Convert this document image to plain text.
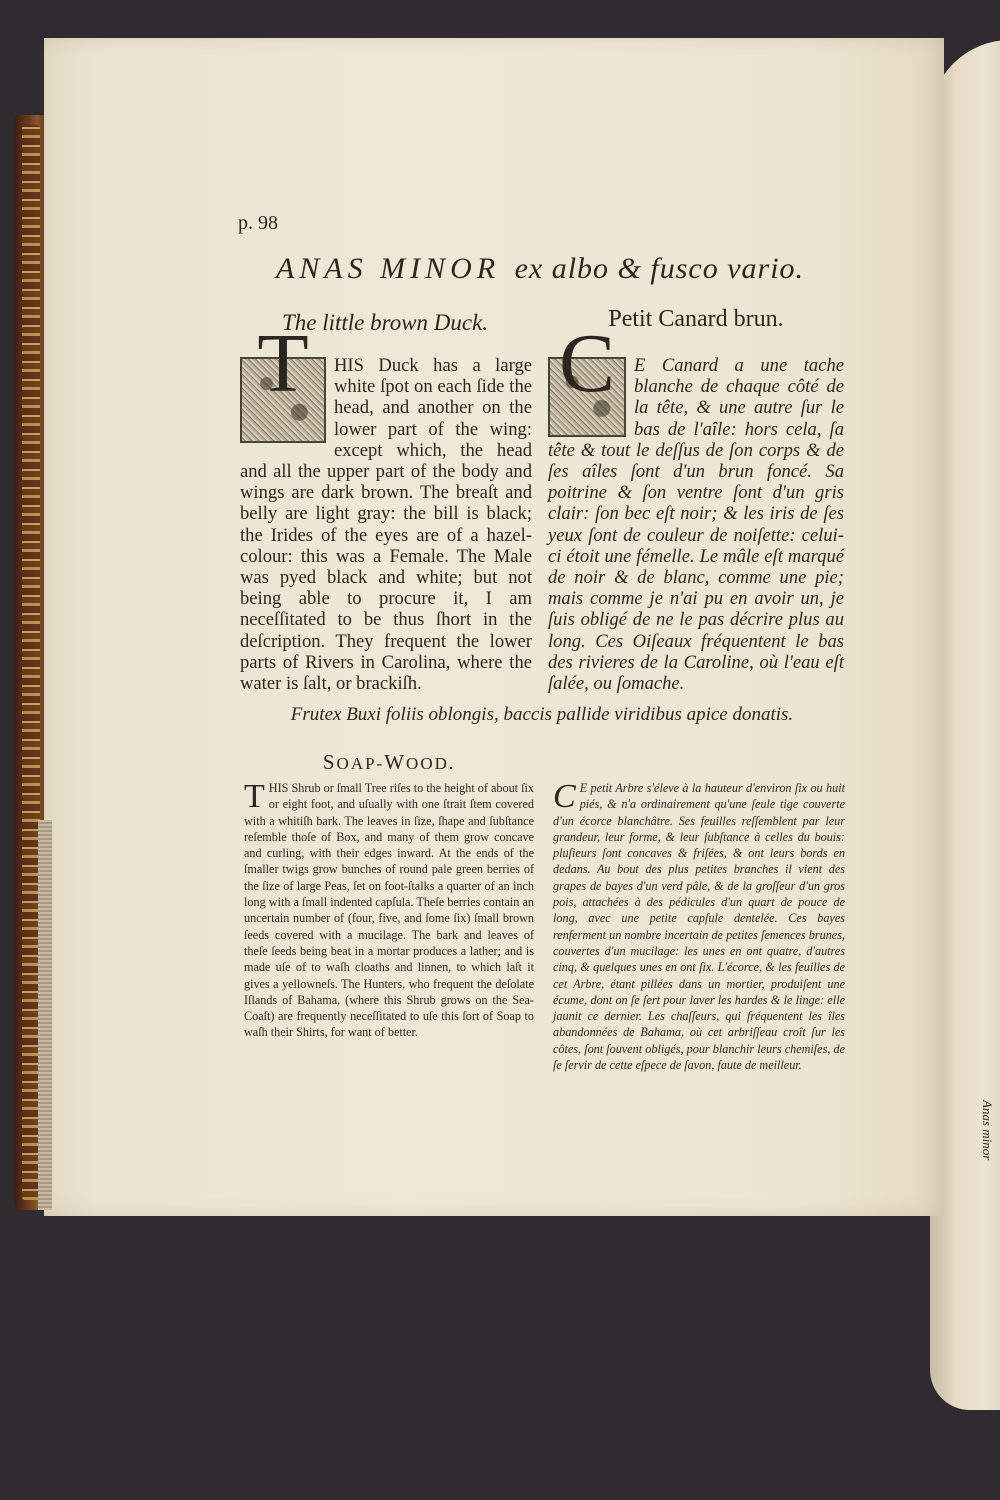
Anas minor
p. 98
ANAS MINOR ex albo & fusco vario.
The little brown Duck.	Petit Canard brun.
T	HIS Duck has a large white ſpot on each ſide the head, and another on the lower part of the wing: except which, the head and all the upper part of the body and wings are dark brown. The breaſt and belly are light gray: the bill is black; the Irides of the eyes are of a hazel-colour: this was a Female. The Male was pyed black and white; but not being able to procure it, I am neceſſitated to be thus ſhort in the deſcription. They frequent the lower parts of Rivers in Carolina, where the water is ſalt, or brackiſh.

C	E Canard a une tache blanche de chaque côté de la tête, & une autre ſur le bas de l'aîle: hors cela, ſa tête & tout le deſſus de ſon corps & de ſes aîles ſont d'un brun foncé. Sa poitrine & ſon ventre ſont d'un gris clair: ſon bec eſt noir; & les iris de ſes yeux ſont de couleur de noiſette: celui-ci étoit une fémelle. Le mâle eſt marqué de noir & de blanc, comme une pie; mais comme je n'ai pu en avoir un, je ſuis obligé de ne le pas décrire plus au long. Ces Oiſeaux fréquentent le bas des rivieres de la Caroline, où l'eau eſt ſalée, ou ſomache.

Frutex Buxi foliis oblongis, baccis pallide viridibus apice donatis.
SOAP-WOOD.
T HIS Shrub or ſmall Tree riſes to the height of about ſix or eight foot, and uſually with one ſtrait ſtem covered with a whitiſh bark. The leaves in ſize, ſhape and ſubſtance reſemble thoſe of Box, and many of them grow concave and curling, with their edges inward. At the ends of the ſmaller twigs grow bunches of round pale green berries of the ſize of large Peas, ſet on foot-ſtalks a quarter of an inch long with a ſmall indented capſula. Theſe berries contain an uncertain number of (four, five, and ſome ſix) ſmall brown ſeeds covered with a mucilage. The bark and leaves of theſe ſeeds being beat in a mortar produces a lather; and is made uſe of to waſh cloaths and linnen, to which laſt it gives a yellowneſs. The Hunters, who frequent the deſolate Iſlands of Bahama, (where this Shrub grows on the Sea-Coaſt) are frequently neceſſitated to uſe this ſort of Soap to waſh their Shirts, for want of better.

C E petit Arbre s'éleve à la hauteur d'environ ſix ou huit piés, & n'a ordinairement qu'une ſeule tige couverte d'un écorce blanchâtre. Ses feuilles reſſemblent par leur grandeur, leur forme, & leur ſubſtance à celles du bouis: pluſieurs ſont concaves & friſées, & ont leurs bords en dedans. Au bout des plus petites branches il vient des grapes de bayes d'un verd pâle, & de la groſſeur d'un gros pois, attachées à des pédicules d'un quart de pouce de long, avec une petite capſule dentelée. Ces bayes renferment un nombre incertain de petites ſemences brunes, couvertes d'un mucilage: les unes en ont quatre, d'autres cinq, & quelques unes en ont ſix. L'écorce, & les feuilles de cet Arbre, étant pillées dans un mortier, produiſent une écume, dont on ſe ſert pour laver les hardes & le linge: elle jaunit ce dernier. Les chaſſeurs, qui fréquentent les îles abandonnées de Bahama, où cet arbriſſeau croît ſur les côtes, ſont ſouvent obligés, pour blanchir leurs chemiſes, de ſe ſervir de cette eſpece de ſavon, faute de meilleur.
